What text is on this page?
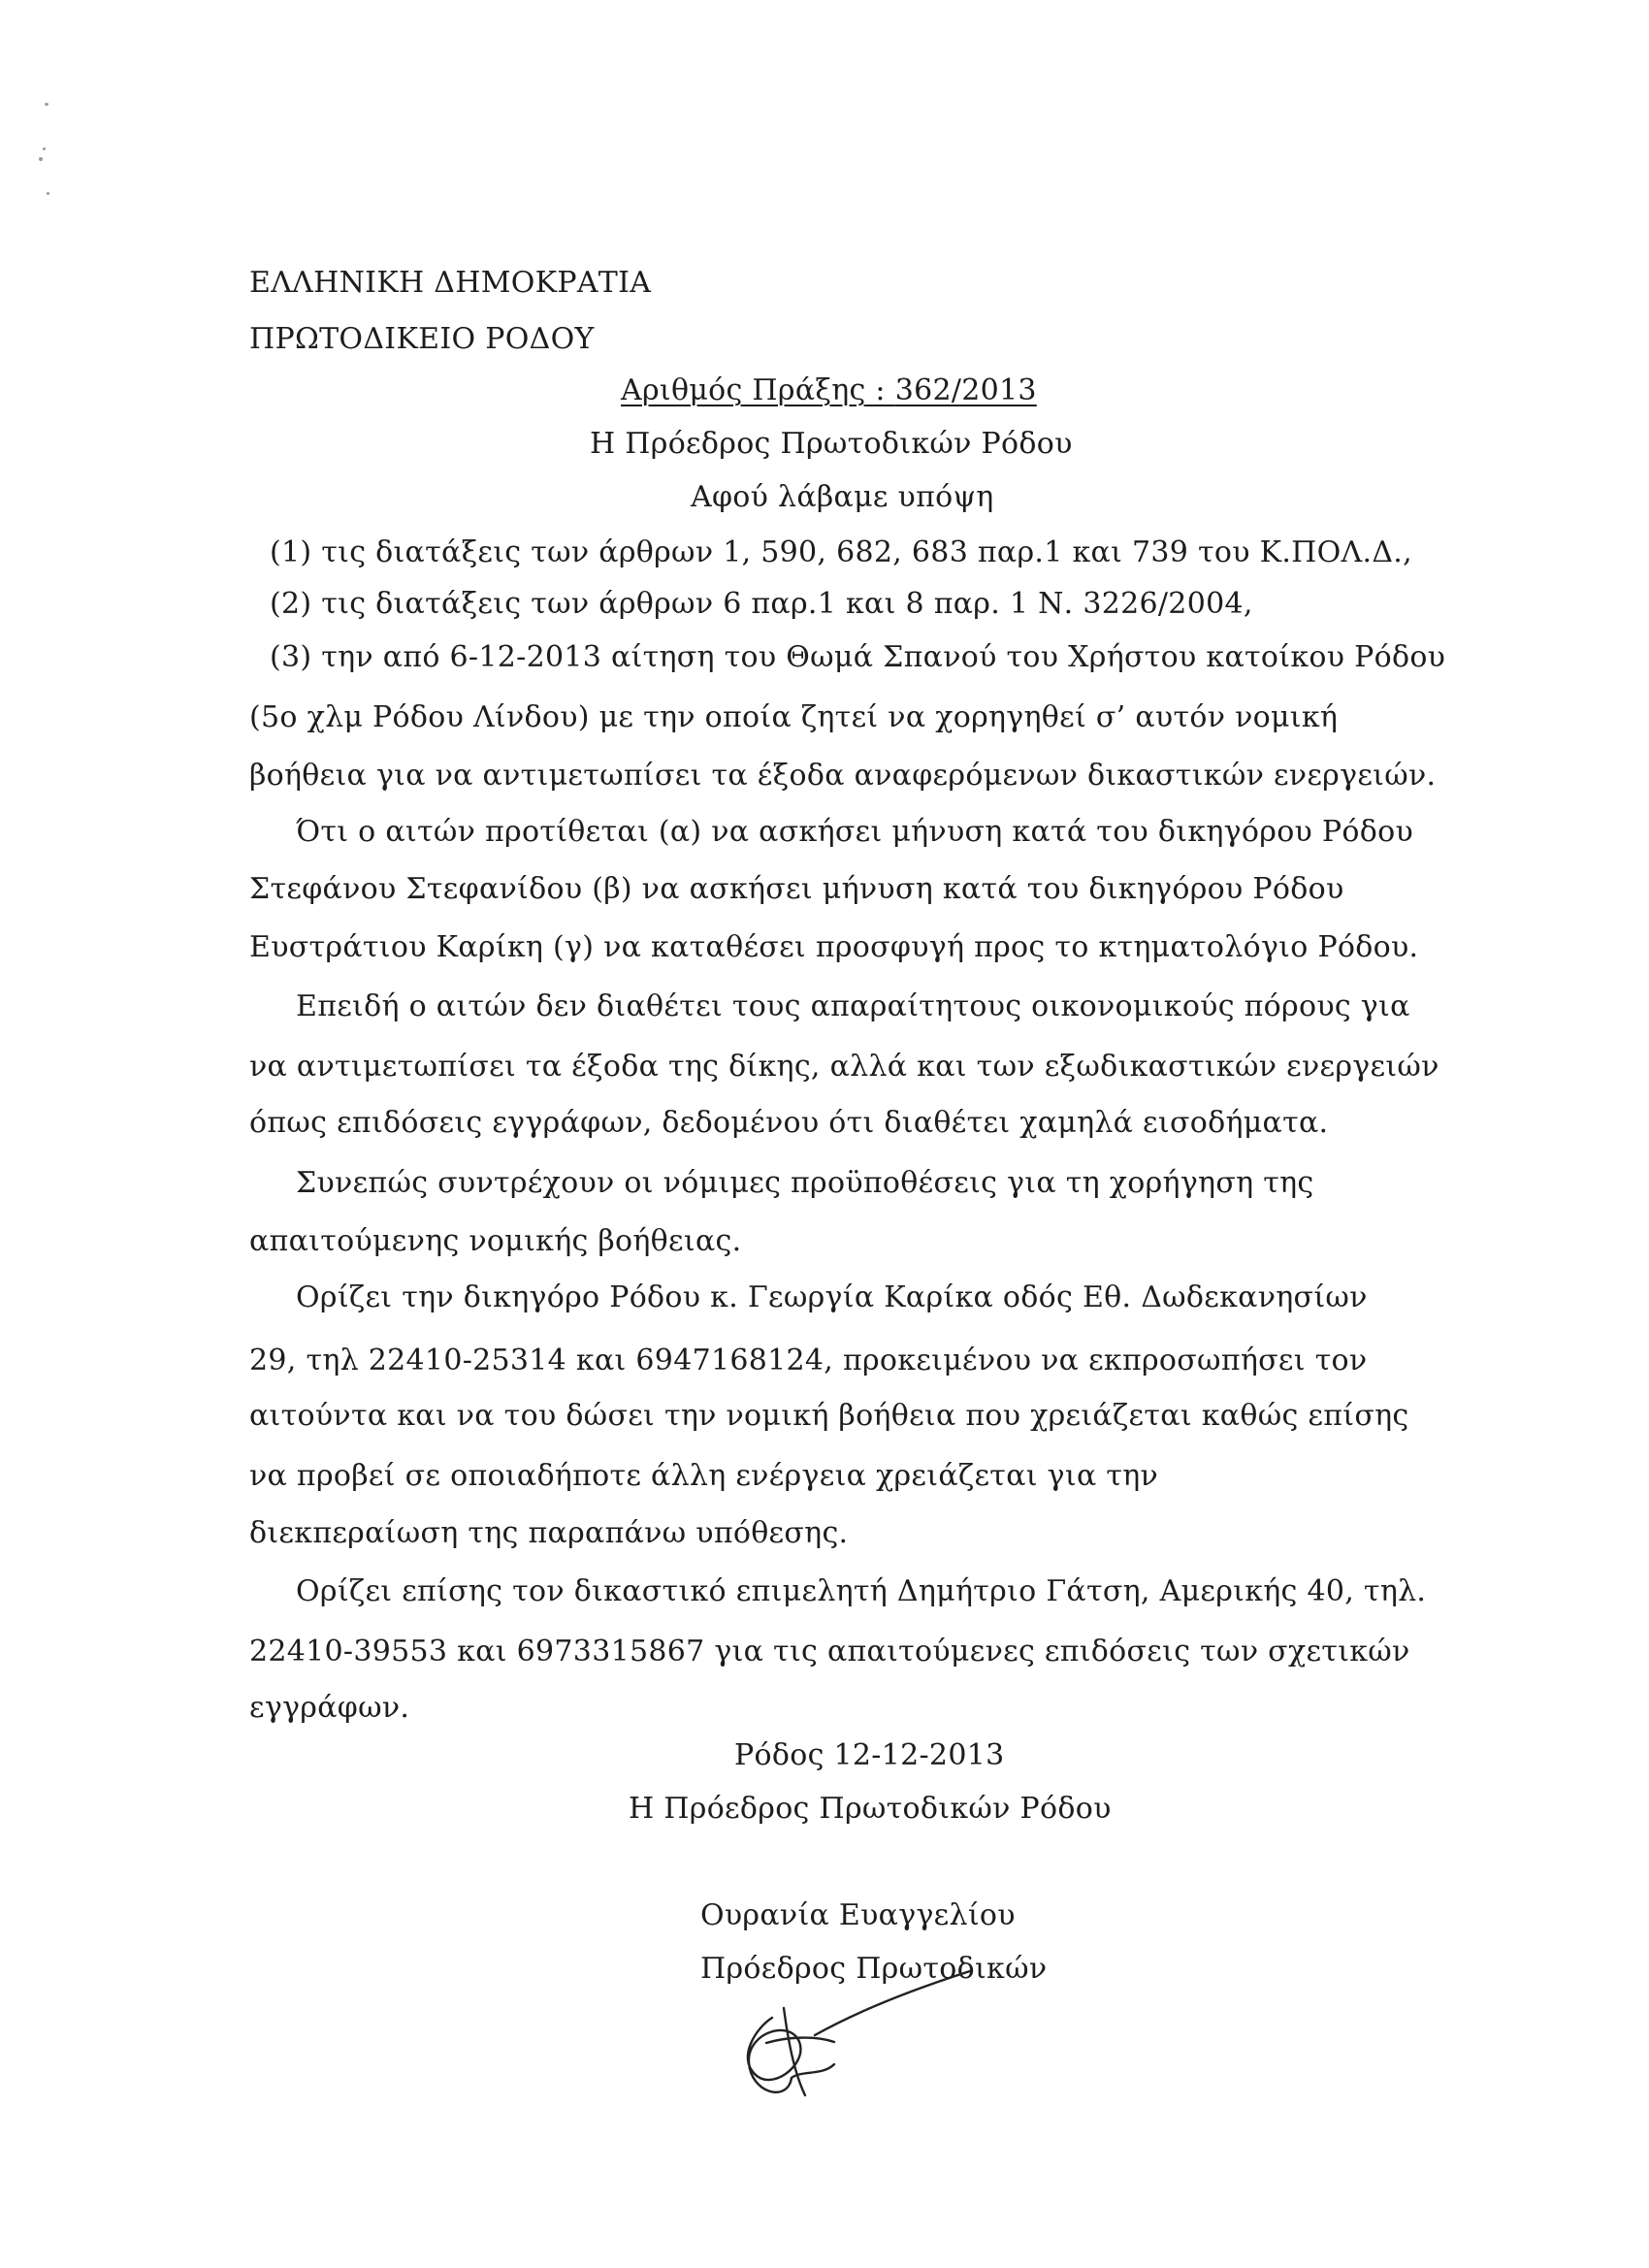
ΕΛΛΗΝΙΚΗ ΔΗΜΟΚΡΑΤΙΑ
ΠΡΩΤΟΔΙΚΕΙΟ ΡΟΔΟΥ
Αριθμός Πράξης : 362/2013
Η Πρόεδρος Πρωτοδικών Ρόδου
Αφού λάβαμε υπόψη
(1) τις διατάξεις των άρθρων 1, 590, 682, 683 παρ.1 και 739 του Κ.ΠΟΛ.Δ.,
(2) τις διατάξεις των άρθρων 6 παρ.1 και 8 παρ. 1 Ν. 3226/2004,
(3) την από 6-12-2013 αίτηση του Θωμά Σπανού του Χρήστου κατοίκου Ρόδου
(5ο χλμ Ρόδου Λίνδου) με την οποία ζητεί να χορηγηθεί σ’ αυτόν νομική
βοήθεια για να αντιμετωπίσει τα έξοδα αναφερόμενων δικαστικών ενεργειών.
Ότι ο αιτών προτίθεται (α) να ασκήσει μήνυση κατά του δικηγόρου Ρόδου
Στεφάνου Στεφανίδου (β) να ασκήσει μήνυση κατά του δικηγόρου Ρόδου
Ευστράτιου Καρίκη (γ) να καταθέσει προσφυγή προς το κτηματολόγιο Ρόδου.
Επειδή ο αιτών δεν διαθέτει τους απαραίτητους οικονομικούς πόρους για
να αντιμετωπίσει τα έξοδα της δίκης, αλλά και των εξωδικαστικών ενεργειών
όπως επιδόσεις εγγράφων, δεδομένου ότι διαθέτει χαμηλά εισοδήματα.
Συνεπώς συντρέχουν οι νόμιμες προϋποθέσεις για τη χορήγηση της
απαιτούμενης νομικής βοήθειας.
Ορίζει την δικηγόρο Ρόδου κ. Γεωργία Καρίκα οδός Εθ. Δωδεκανησίων
29, τηλ 22410-25314 και 6947168124, προκειμένου να εκπροσωπήσει τον
αιτούντα και να του δώσει την νομική βοήθεια που χρειάζεται καθώς επίσης
να προβεί σε οποιαδήποτε άλλη ενέργεια χρειάζεται για την
διεκπεραίωση της παραπάνω υπόθεσης.
Ορίζει επίσης τον δικαστικό επιμελητή Δημήτριο Γάτση, Αμερικής 40, τηλ.
22410-39553 και 6973315867 για τις απαιτούμενες επιδόσεις των σχετικών
εγγράφων.
Ρόδος 12-12-2013
Η Πρόεδρος Πρωτοδικών Ρόδου
Ουρανία Ευαγγελίου
Πρόεδρος Πρωτοδικών
